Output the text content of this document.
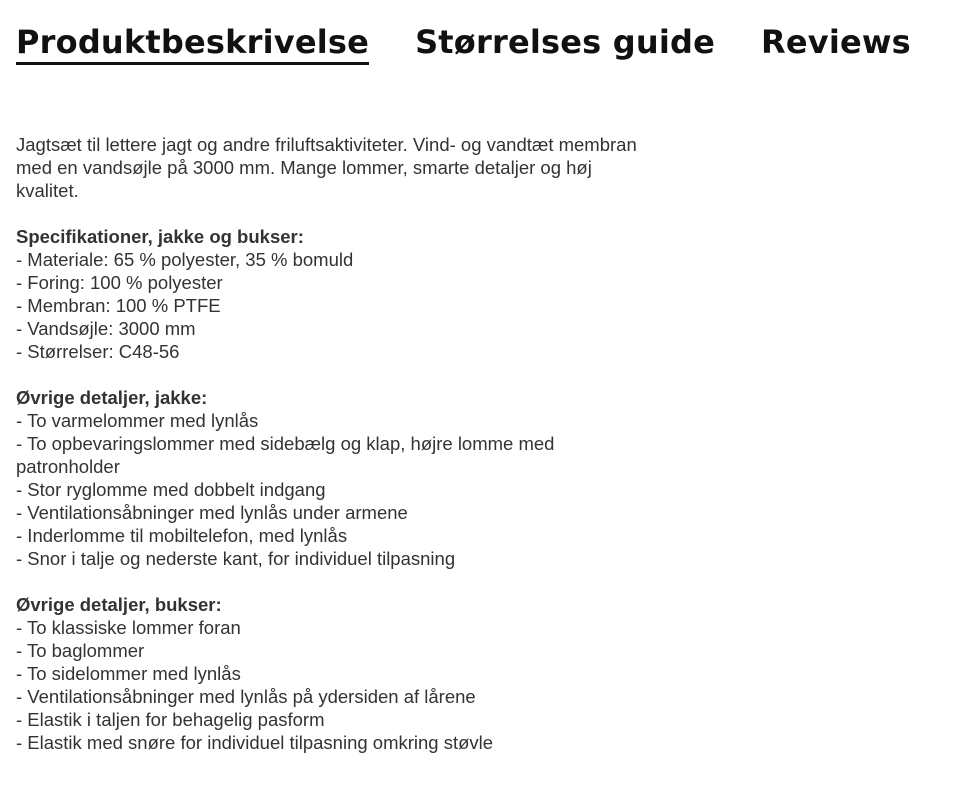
Produktbeskrivelse Størrelses guide Reviews

Jagtsæt til lettere jagt og andre friluftsaktiviteter. Vind- og vandtæt membran med en vandsøjle på 3000 mm. Mange lommer, smarte detaljer og høj kvalitet.

Specifikationer, jakke og bukser:

- Materiale: 65 % polyester, 35 % bomuld
- Foring: 100 % polyester
- Membran: 100 % PTFE
- Vandsøjle: 3000 mm
- Størrelser: C48-56

Øvrige detaljer, jakke:

- To varmelommer med lynlås
- To opbevaringslommer med sidebælg og klap, højre lomme med patronholder
- Stor ryglomme med dobbelt indgang
- Ventilationsåbninger med lynlås under armene
- Inderlomme til mobiltelefon, med lynlås
- Snor i talje og nederste kant, for individuel tilpasning

Øvrige detaljer, bukser:

- To klassiske lommer foran
- To baglommer
- To sidelommer med lynlås
- Ventilationsåbninger med lynlås på ydersiden af lårene
- Elastik i taljen for behagelig pasform
- Elastik med snøre for individuel tilpasning omkring støvle
